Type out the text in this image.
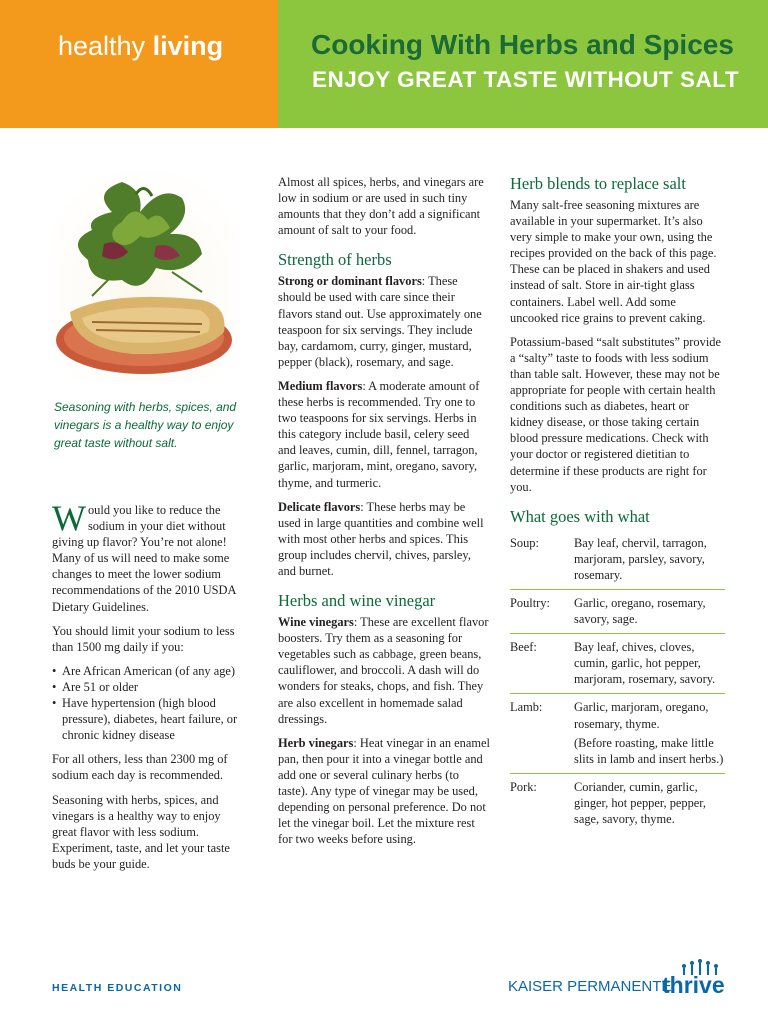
healthy living	Cooking With Herbs and Spices
ENJOY GREAT TASTE WITHOUT SALT
Seasoning with herbs, spices, and vinegars is a healthy way to enjoy great taste without salt.

Would you like to reduce the sodium in your diet without giving up flavor? You’re not alone! Many of us will need to make some changes to meet the lower sodium recommendations of the 2010 USDA Dietary Guidelines.

You should limit your sodium to less than 1500 mg daily if you:

• Are African American (of any age)
• Are 51 or older
• Have hypertension (high blood pressure), diabetes, heart failure, or chronic kidney disease

For all others, less than 2300 mg of sodium each day is recommended.

Seasoning with herbs, spices, and vinegars is a healthy way to enjoy great flavor with less sodium. Experiment, taste, and let your taste buds be your guide.

Almost all spices, herbs, and vinegars are low in sodium or are used in such tiny amounts that they don’t add a significant amount of salt to your food.

Strength of herbs

Strong or dominant flavors: These should be used with care since their flavors stand out. Use approximately one teaspoon for six servings. They include bay, cardamom, curry, ginger, mustard, pepper (black), rosemary, and sage.

Medium flavors: A moderate amount of these herbs is recommended. Try one to two teaspoons for six servings. Herbs in this category include basil, celery seed and leaves, cumin, dill, fennel, tarragon, garlic, marjoram, mint, oregano, savory, thyme, and turmeric.

Delicate flavors: These herbs may be used in large quantities and combine well with most other herbs and spices. This group includes chervil, chives, parsley, and burnet.

Herbs and wine vinegar

Wine vinegars: These are excellent flavor boosters. Try them as a seasoning for vegetables such as cabbage, green beans, cauliflower, and broccoli. A dash will do wonders for steaks, chops, and fish. They are also excellent in homemade salad dressings.

Herb vinegars: Heat vinegar in an enamel pan, then pour it into a vinegar bottle and add one or several culinary herbs (to taste). Any type of vinegar may be used, depending on personal preference. Do not let the vinegar boil. Let the mixture rest for two weeks before using.

Herb blends to replace salt

Many salt-free seasoning mixtures are available in your supermarket. It’s also very simple to make your own, using the recipes provided on the back of this page. These can be placed in shakers and used instead of salt. Store in air-tight glass containers. Label well. Add some uncooked rice grains to prevent caking.

Potassium-based “salt substitutes” provide a “salty” taste to foods with less sodium than table salt. However, these may not be appropriate for people with certain health conditions such as diabetes, heart or kidney disease, or those taking certain blood pressure medications. Check with your doctor or registered dietitian to determine if these products are right for you.

What goes with what
Soup:	Bay leaf, chervil, tarragon, marjoram, parsley, savory, rosemary.

Poultry:	Garlic, oregano, rosemary, savory, sage.

Beef:	Bay leaf, chives, cloves, cumin, garlic, hot pepper, marjoram, rosemary, savory.

Lamb:	Garlic, marjoram, oregano, rosemary, thyme.

(Before roasting, make little slits in lamb and insert herbs.)

Pork:	Coriander, cumin, garlic, ginger, hot pepper, pepper, sage, savory, thyme.

HEALTH EDUCATION	KAISER PERMANENTE.
thrive
